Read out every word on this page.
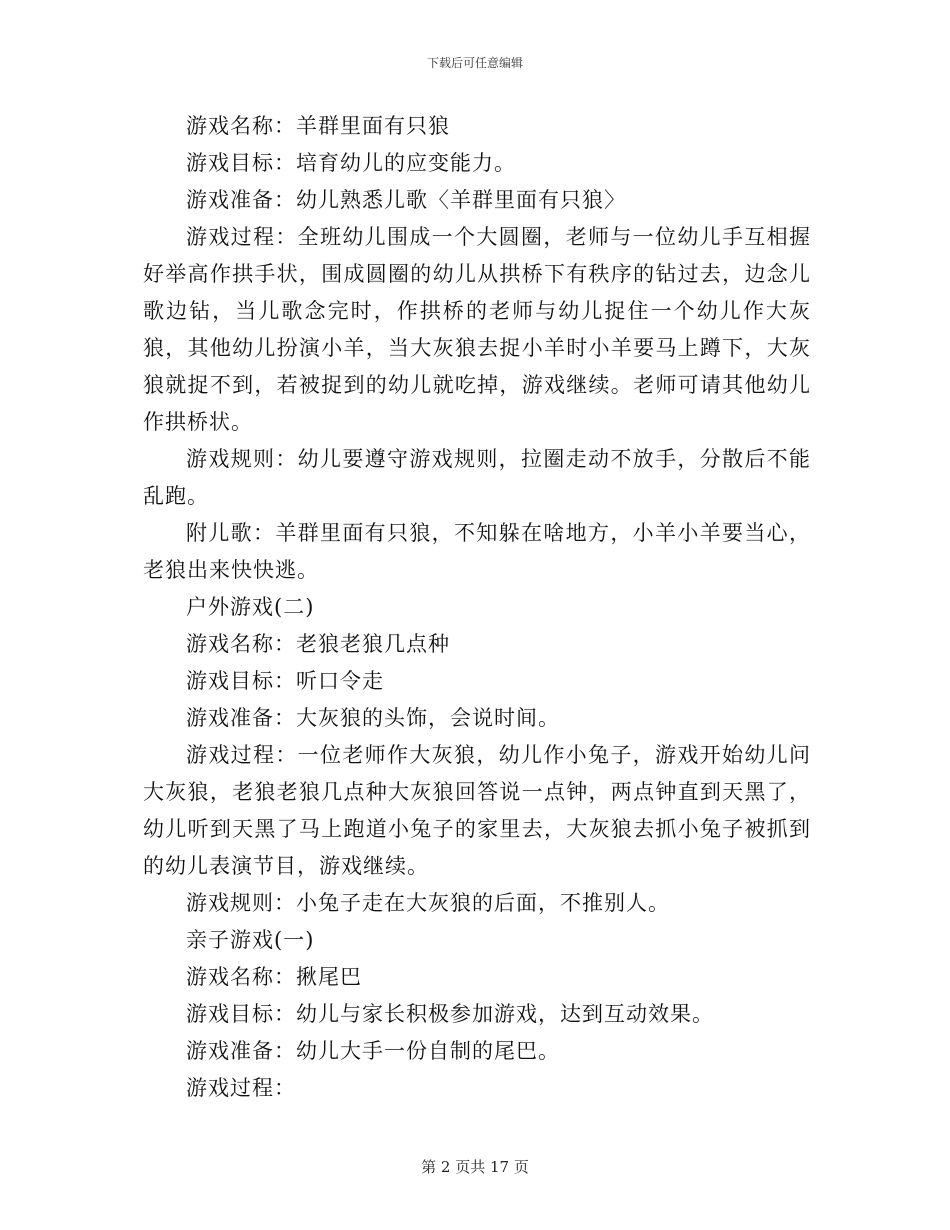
下载后可任意编辑

游戏名称：羊群里面有只狼

游戏目标：培育幼儿的应变能力。

游戏准备：幼儿熟悉儿歌〈羊群里面有只狼〉

游戏过程：全班幼儿围成一个大圆圈，老师与一位幼儿手互相握好举高作拱手状，围成圆圈的幼儿从拱桥下有秩序的钻过去，边念儿歌边钻，当儿歌念完时，作拱桥的老师与幼儿捉住一个幼儿作大灰狼，其他幼儿扮演小羊，当大灰狼去捉小羊时小羊要马上蹲下，大灰狼就捉不到，若被捉到的幼儿就吃掉，游戏继续。老师可请其他幼儿作拱桥状。

游戏规则：幼儿要遵守游戏规则，拉圈走动不放手，分散后不能乱跑。

附儿歌：羊群里面有只狼，不知躲在啥地方，小羊小羊要当心，老狼出来快快逃。

户外游戏(二)

游戏名称：老狼老狼几点种

游戏目标：听口令走

游戏准备：大灰狼的头饰，会说时间。

游戏过程：一位老师作大灰狼，幼儿作小兔子，游戏开始幼儿问大灰狼，老狼老狼几点种大灰狼回答说一点钟，两点钟直到天黑了，幼儿听到天黑了马上跑道小兔子的家里去，大灰狼去抓小兔子被抓到的幼儿表演节目，游戏继续。

游戏规则：小兔子走在大灰狼的后面，不推别人。

亲子游戏(一)

游戏名称：揪尾巴

游戏目标：幼儿与家长积极参加游戏，达到互动效果。

游戏准备：幼儿大手一份自制的尾巴。

游戏过程：

第 2 页共 17 页
